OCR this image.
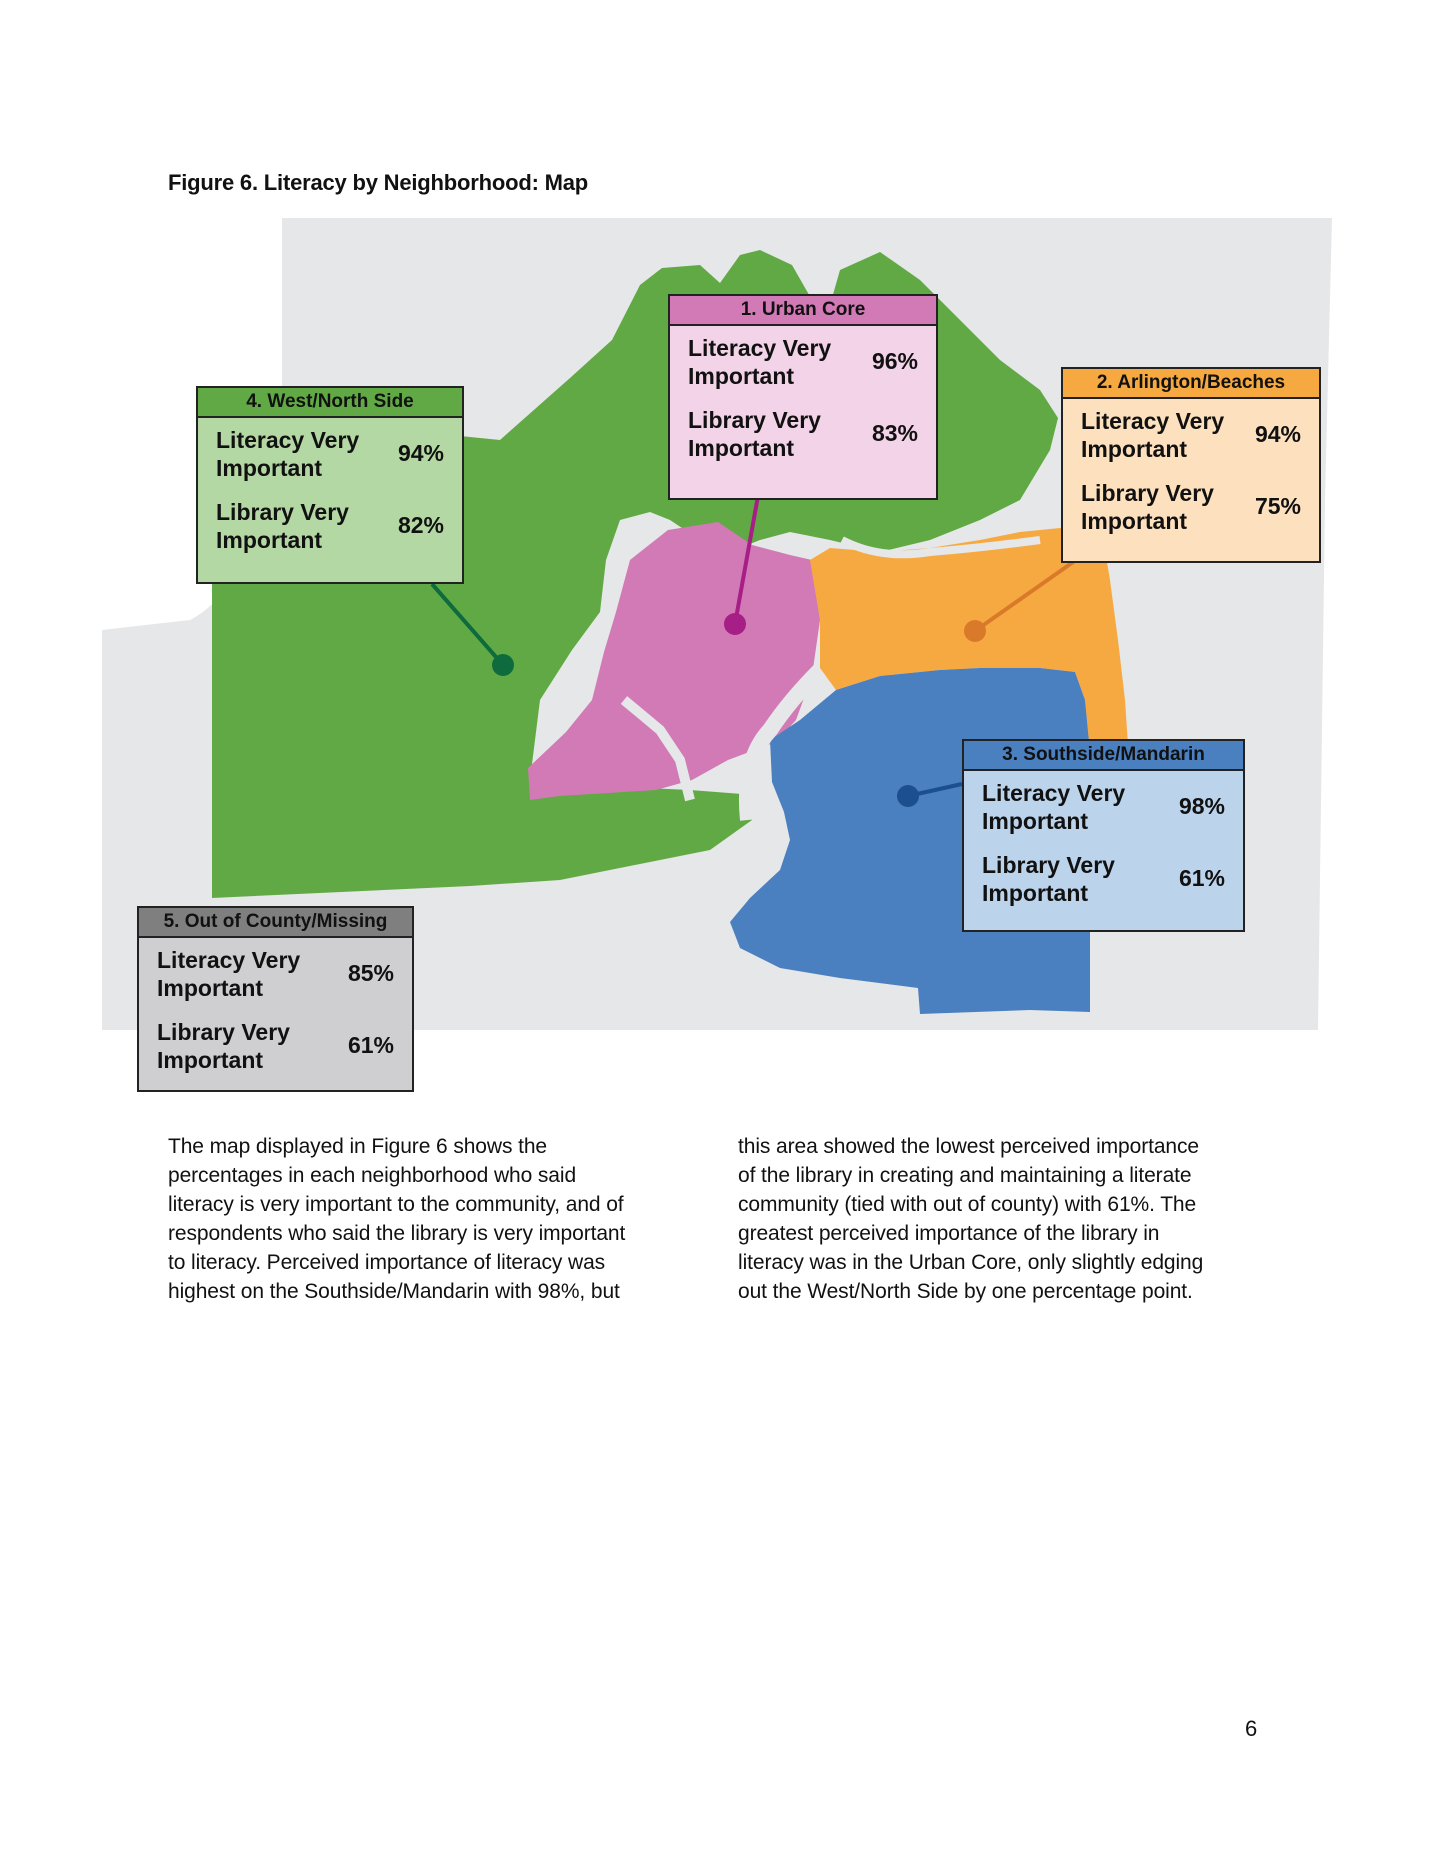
Figure 6. Literacy by Neighborhood: Map
1. Urban Core
Literacy Very Important
96%
Library Very Important
83%
2. Arlington/Beaches
Literacy Very Important
94%
Library Very Important
75%
3. Southside/Mandarin
Literacy Very Important
98%
Library Very Important
61%
4. West/North Side
Literacy Very Important
94%
Library Very Important
82%
5. Out of County/Missing
Literacy Very Important
85%
Library Very Important
61%
The map displayed in Figure 6 shows the
percentages in each neighborhood who said
literacy is very important to the community, and of
respondents who said the library is very important
to literacy. Perceived importance of literacy was
highest on the Southside/Mandarin with 98%, but
this area showed the lowest perceived importance
of the library in creating and maintaining a literate
community (tied with out of county) with 61%. The
greatest perceived importance of the library in
literacy was in the Urban Core, only slightly edging
out the West/North Side by one percentage point.
6
